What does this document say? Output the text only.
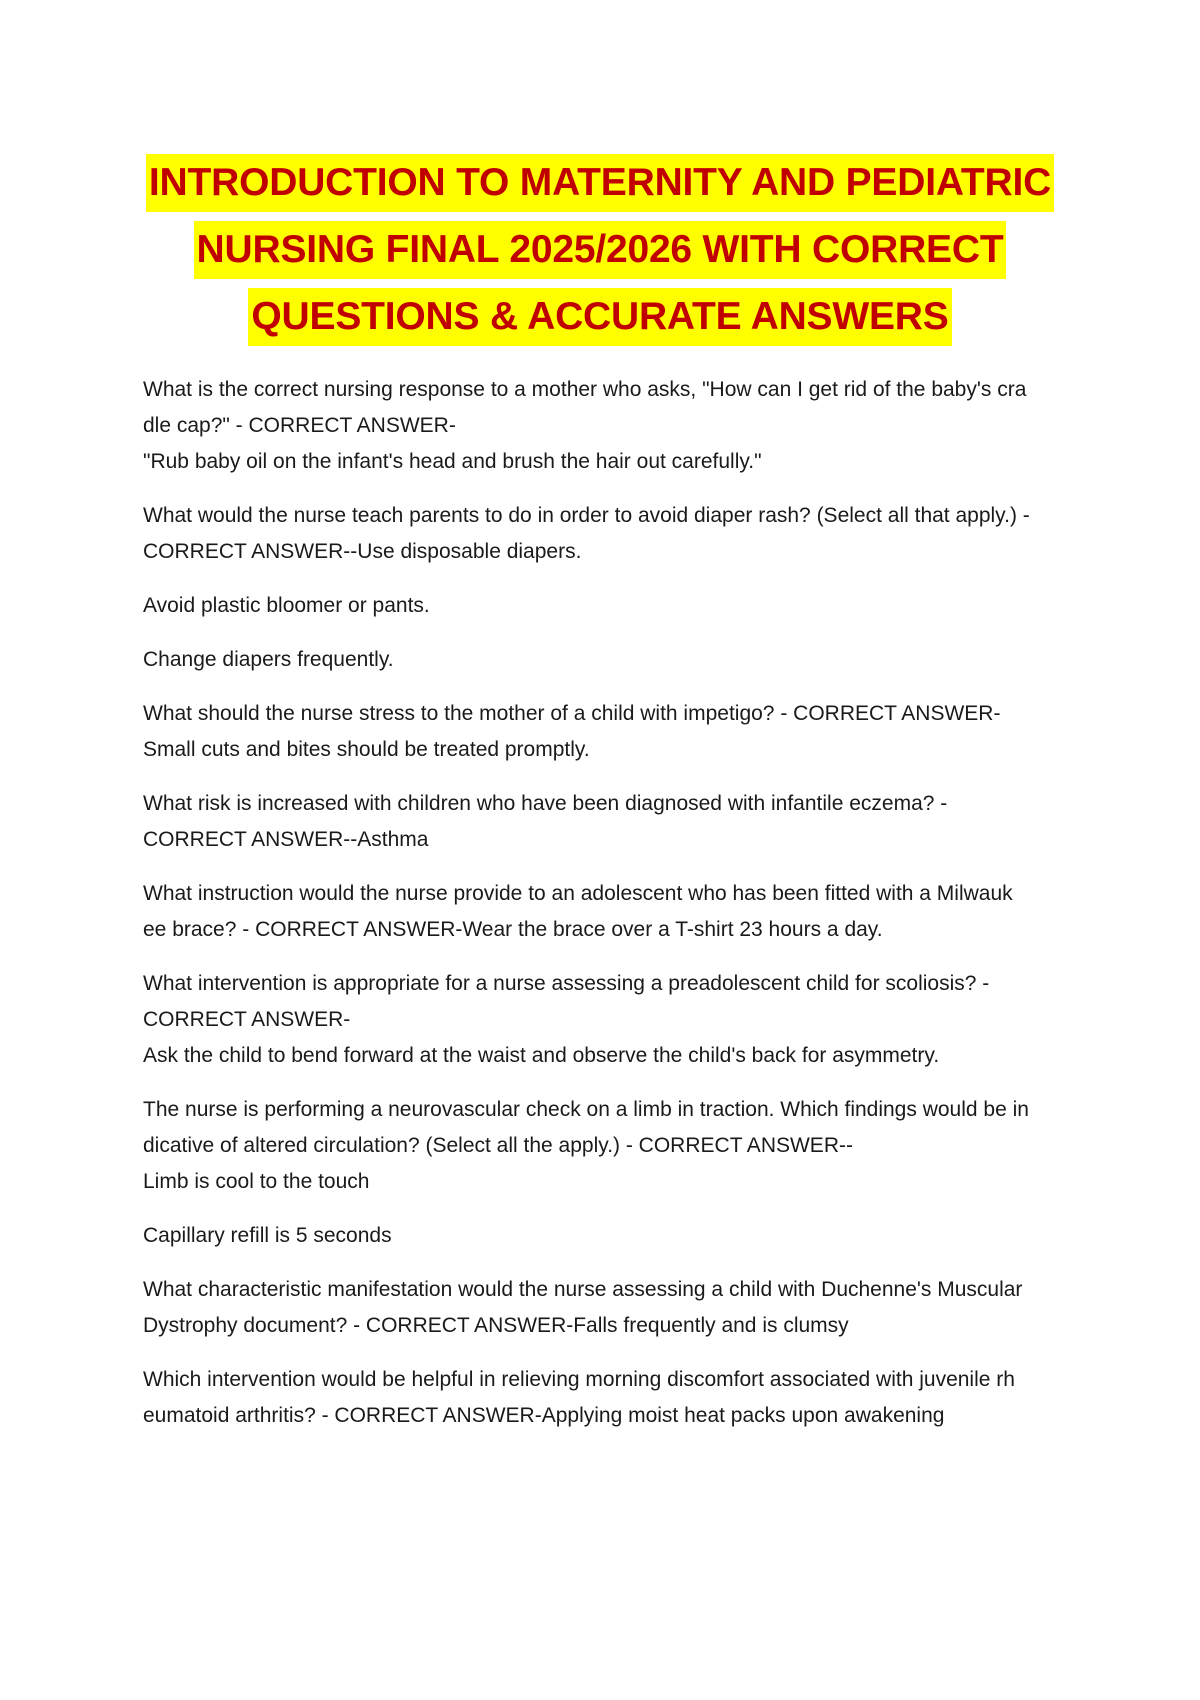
INTRODUCTION TO MATERNITY AND PEDIATRIC
NURSING FINAL 2025/2026 WITH CORRECT
QUESTIONS & ACCURATE ANSWERS

What is the correct nursing response to a mother who asks, "How can I get rid of the baby's cra

dle cap?" - CORRECT ANSWER-

"Rub baby oil on the infant's head and brush the hair out carefully."

What would the nurse teach parents to do in order to avoid diaper rash? (Select all that apply.) -

CORRECT ANSWER--Use disposable diapers.

Avoid plastic bloomer or pants.

Change diapers frequently.

What should the nurse stress to the mother of a child with impetigo? - CORRECT ANSWER-

Small cuts and bites should be treated promptly.

What risk is increased with children who have been diagnosed with infantile eczema? -

CORRECT ANSWER--Asthma

What instruction would the nurse provide to an adolescent who has been fitted with a Milwauk

ee brace? - CORRECT ANSWER-Wear the brace over a T-shirt 23 hours a day.

What intervention is appropriate for a nurse assessing a preadolescent child for scoliosis? -

CORRECT ANSWER-

Ask the child to bend forward at the waist and observe the child's back for asymmetry.

The nurse is performing a neurovascular check on a limb in traction. Which findings would be in

dicative of altered circulation? (Select all the apply.) - CORRECT ANSWER--

Limb is cool to the touch

Capillary refill is 5 seconds

What characteristic manifestation would the nurse assessing a child with Duchenne's Muscular

Dystrophy document? - CORRECT ANSWER-Falls frequently and is clumsy

Which intervention would be helpful in relieving morning discomfort associated with juvenile rh

eumatoid arthritis? - CORRECT ANSWER-Applying moist heat packs upon awakening
